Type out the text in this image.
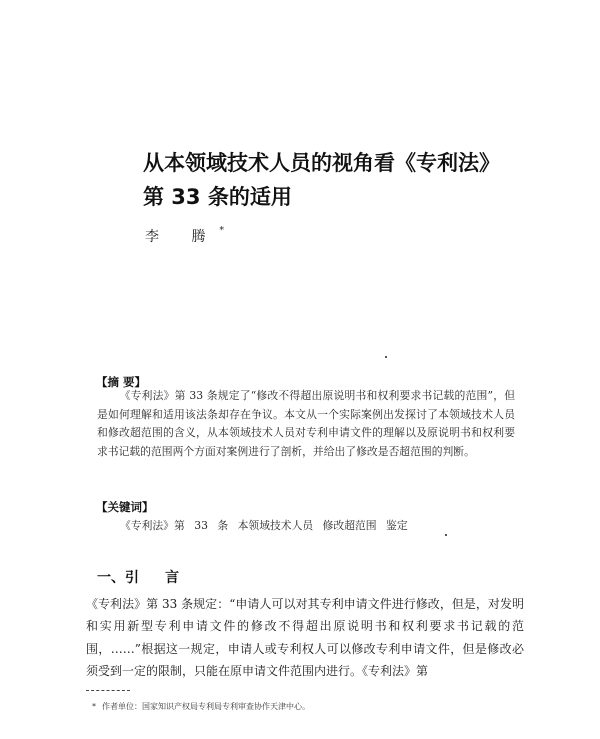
从本领域技术人员的视角看《专利法》
第 33 条的适用
李 腾*
【摘 要】

《专利法》第 33 条规定了“修改不得超出原说明书和权利要求书记载的范围”，但是如何理解和适用该法条却存在争议。本文从一个实际案例出发探讨了本领域技术人员和修改超范围的含义，从本领域技术人员对专利申请文件的理解以及原说明书和权利要求书记载的范围两个方面对案例进行了剖析，并给出了修改是否超范围的判断。

【关键词】
《专利法》第 33 条 本领域技术人员 修改超范围 鉴定
一、引 言

《专利法》第 33 条规定：“申请人可以对其专利申请文件进行修改，但是，对发明和实用新型专利申请文件的修改不得超出原说明书和权利要求书记载的范围，……”根据这一规定，申请人或专利权人可以修改专利申请文件，但是修改必须受到一定的限制，只能在原申请文件范围内进行。《专利法》第

* 作者单位：国家知识产权局专利局专利审查协作天津中心。
